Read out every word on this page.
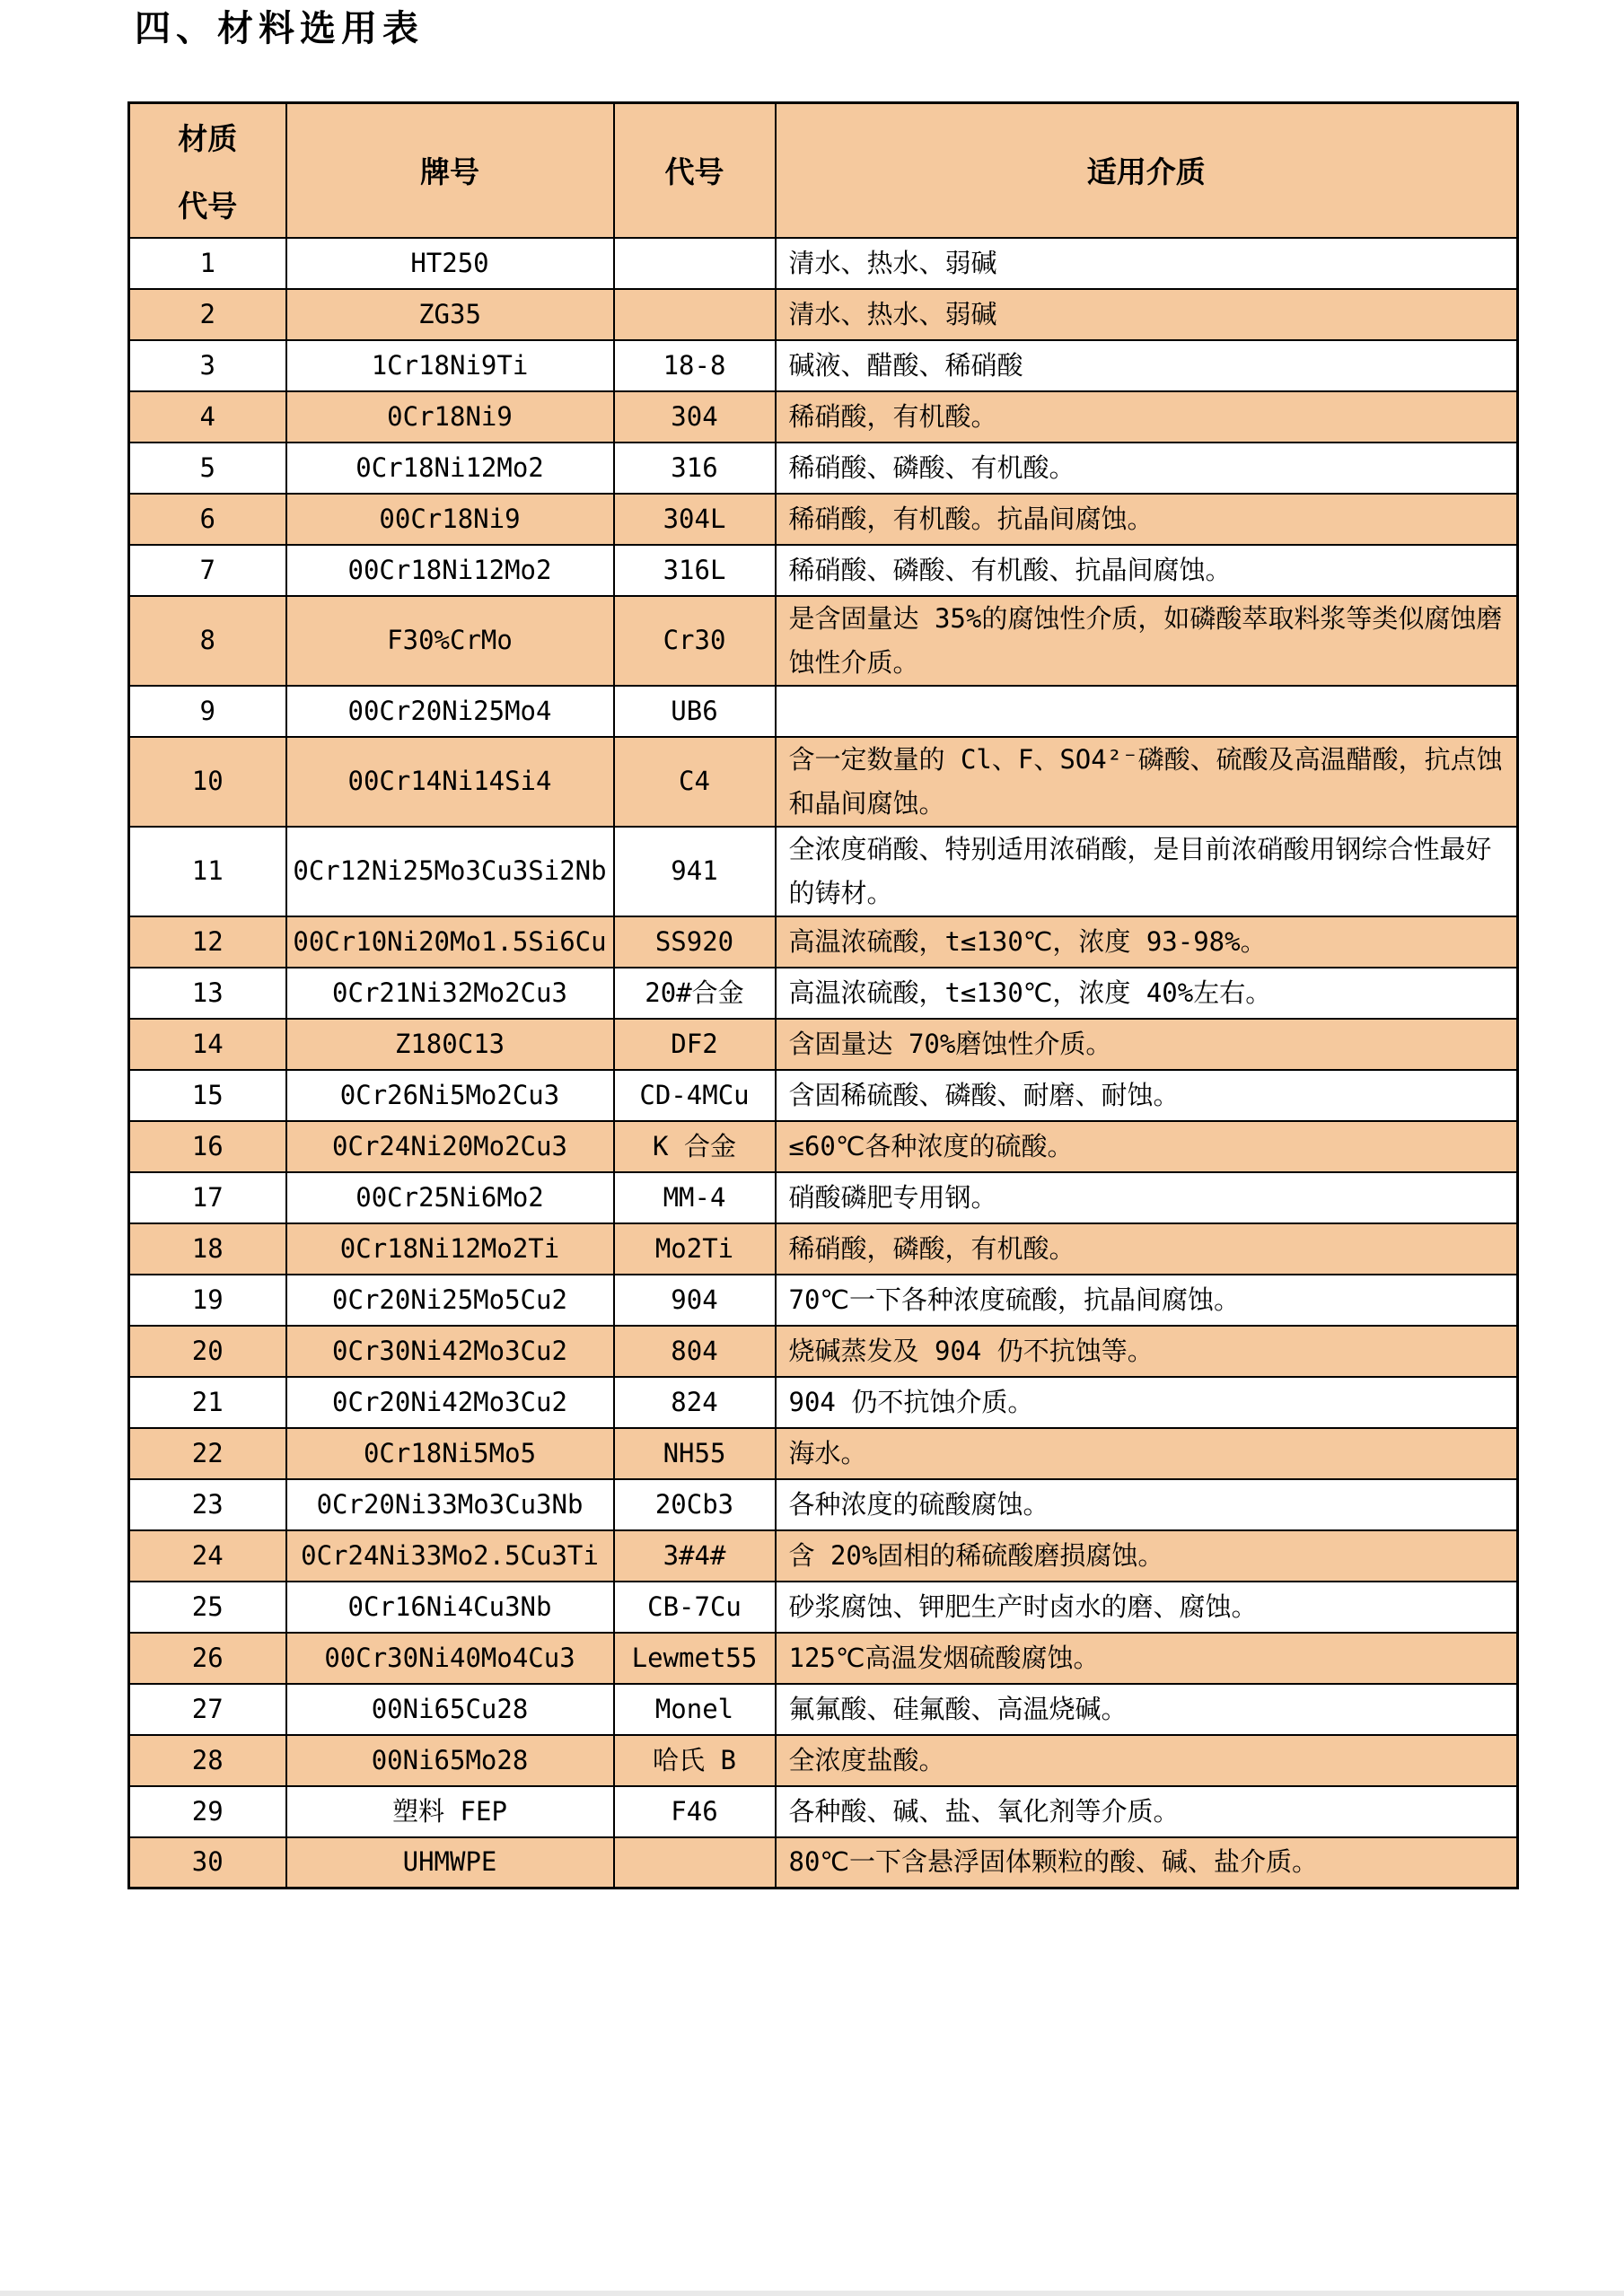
四、材料选用表
材质
代号	牌号	代号	适用介质
1	HT250		清水、热水、弱碱
2	ZG35		清水、热水、弱碱
3	1Cr18Ni9Ti	18-8	碱液、醋酸、稀硝酸
4	0Cr18Ni9	304	稀硝酸，有机酸。
5	0Cr18Ni12Mo2	316	稀硝酸、磷酸、有机酸。
6	00Cr18Ni9	304L	稀硝酸，有机酸。抗晶间腐蚀。
7	00Cr18Ni12Mo2	316L	稀硝酸、磷酸、有机酸、抗晶间腐蚀。
8	F30%CrMo	Cr30	是含固量达 35%的腐蚀性介质，如磷酸萃取料浆等类似腐蚀磨蚀性介质。
9	00Cr20Ni25Mo4	UB6	
10	00Cr14Ni14Si4	C4	含一定数量的 Cl、F、SO4²⁻磷酸、硫酸及高温醋酸，抗点蚀和晶间腐蚀。
11	0Cr12Ni25Mo3Cu3Si2Nb	941	全浓度硝酸、特别适用浓硝酸，是目前浓硝酸用钢综合性最好的铸材。
12	00Cr10Ni20Mo1.5Si6Cu	SS920	高温浓硫酸，t≤130℃，浓度 93-98%。
13	0Cr21Ni32Mo2Cu3	20#合金	高温浓硫酸，t≤130℃，浓度 40%左右。
14	Z180C13	DF2	含固量达 70%磨蚀性介质。
15	0Cr26Ni5Mo2Cu3	CD-4MCu	含固稀硫酸、磷酸、耐磨、耐蚀。
16	0Cr24Ni20Mo2Cu3	K 合金	≤60℃各种浓度的硫酸。
17	00Cr25Ni6Mo2	MM-4	硝酸磷肥专用钢。
18	0Cr18Ni12Mo2Ti	Mo2Ti	稀硝酸，磷酸，有机酸。
19	0Cr20Ni25Mo5Cu2	904	70℃一下各种浓度硫酸，抗晶间腐蚀。
20	0Cr30Ni42Mo3Cu2	804	烧碱蒸发及 904 仍不抗蚀等。
21	0Cr20Ni42Mo3Cu2	824	904 仍不抗蚀介质。
22	0Cr18Ni5Mo5	NH55	海水。
23	0Cr20Ni33Mo3Cu3Nb	20Cb3	各种浓度的硫酸腐蚀。
24	0Cr24Ni33Mo2.5Cu3Ti	3#4#	含 20%固相的稀硫酸磨损腐蚀。
25	0Cr16Ni4Cu3Nb	CB-7Cu	砂浆腐蚀、钾肥生产时卤水的磨、腐蚀。
26	00Cr30Ni40Mo4Cu3	Lewmet55	125℃高温发烟硫酸腐蚀。
27	00Ni65Cu28	Monel	氟氟酸、硅氟酸、高温烧碱。
28	00Ni65Mo28	哈氏 B	全浓度盐酸。
29	塑料 FEP	F46	各种酸、碱、盐、氧化剂等介质。
30	UHMWPE		80℃一下含悬浮固体颗粒的酸、碱、盐介质。
